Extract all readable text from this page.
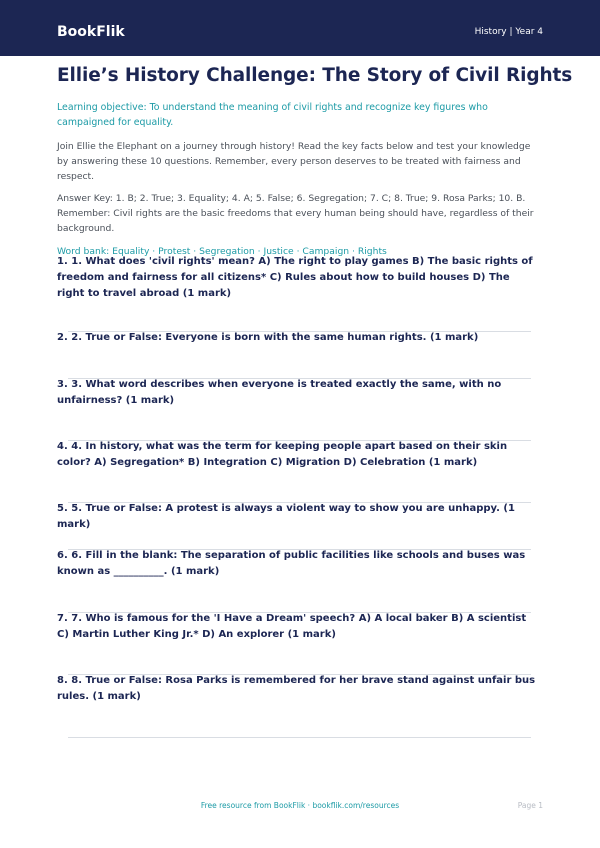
BookFlik	History | Year 4
Ellie’s History Challenge: The Story of Civil Rights
Learning objective: To understand the meaning of civil rights and recognize key figures who campaigned for equality.
Join Ellie the Elephant on a journey through history! Read the key facts below and test your knowledge by answering these 10 questions. Remember, every person deserves to be treated with fairness and respect.
Answer Key: 1. B; 2. True; 3. Equality; 4. A; 5. False; 6. Segregation; 7. C; 8. True; 9. Rosa Parks; 10. B. Remember: Civil rights are the basic freedoms that every human being should have, regardless of their background.
Word bank: Equality · Protest · Segregation · Justice · Campaign · Rights
1. 1. What does 'civil rights' mean? A) The right to play games B) The basic rights of freedom and fairness for all citizens* C) Rules about how to build houses D) The right to travel abroad (1 mark)
2. 2. True or False: Everyone is born with the same human rights. (1 mark)
3. 3. What word describes when everyone is treated exactly the same, with no unfairness? (1 mark)
4. 4. In history, what was the term for keeping people apart based on their skin color? A) Segregation* B) Integration C) Migration D) Celebration (1 mark)
5. 5. True or False: A protest is always a violent way to show you are unhappy. (1 mark)
6. 6. Fill in the blank: The separation of public facilities like schools and buses was known as __________. (1 mark)
7. 7. Who is famous for the 'I Have a Dream' speech? A) A local baker B) A scientist C) Martin Luther King Jr.* D) An explorer (1 mark)
8. 8. True or False: Rosa Parks is remembered for her brave stand against unfair bus rules. (1 mark)
Free resource from BookFlik · bookflik.com/resources	Page 1
